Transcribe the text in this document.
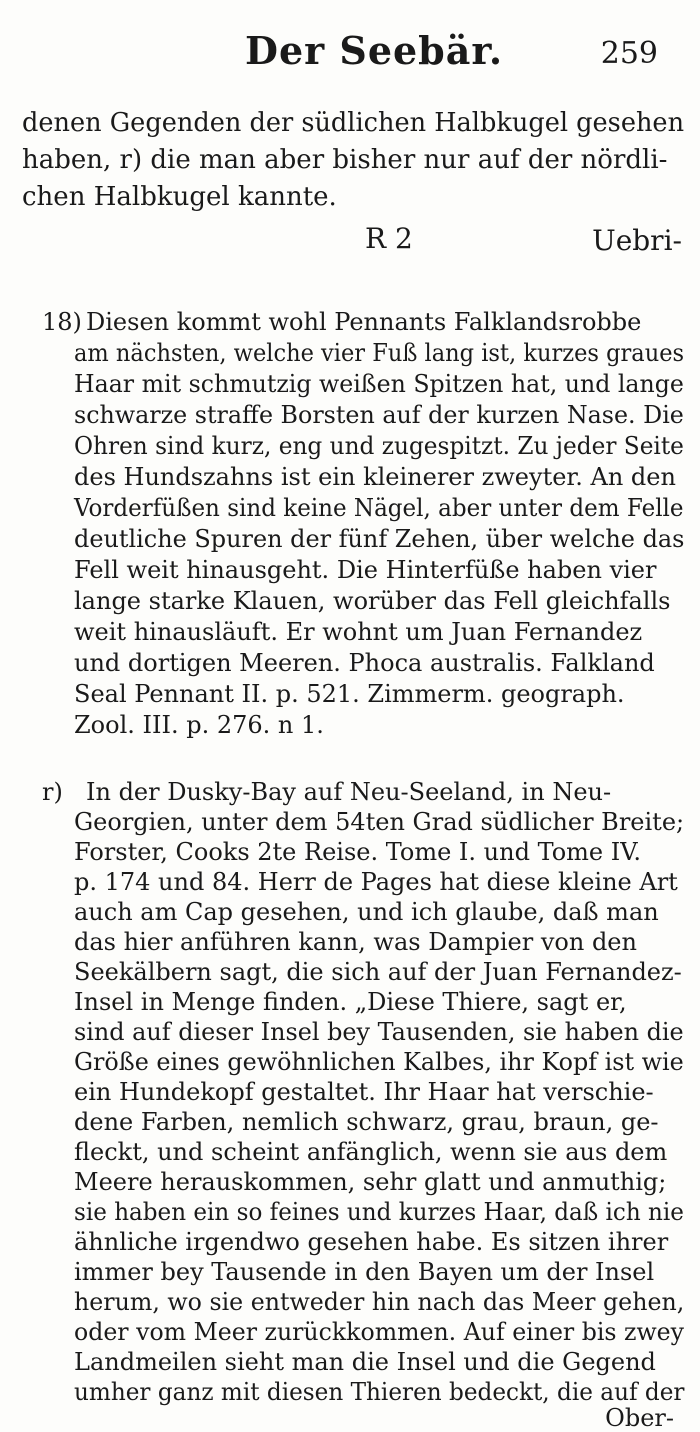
Der Seebär.	259
denen Gegenden der südlichen Halbkugel gesehen
haben, r) die man aber bisher nur auf der nördli-
chen Halbkugel kannte.
R 2	Uebri-
18) Diesen kommt wohl Pennants Falklandsrobbe
am nächsten, welche vier Fuß lang ist, kurzes graues
Haar mit schmutzig weißen Spitzen hat, und lange
schwarze straffe Borsten auf der kurzen Nase. Die
Ohren sind kurz, eng und zugespitzt. Zu jeder Seite
des Hundszahns ist ein kleinerer zweyter. An den
Vorderfüßen sind keine Nägel, aber unter dem Felle
deutliche Spuren der fünf Zehen, über welche das
Fell weit hinausgeht. Die Hinterfüße haben vier
lange starke Klauen, worüber das Fell gleichfalls
weit hinausläuft. Er wohnt um Juan Fernandez
und dortigen Meeren. Phoca australis. Falkland
Seal Pennant II. p. 521. Zimmerm. geograph.
Zool. III. p. 276. n 1.
r) In der Dusky-Bay auf Neu-Seeland, in Neu-
Georgien, unter dem 54ten Grad südlicher Breite;
Forster, Cooks 2te Reise. Tome I. und Tome IV.
p. 174 und 84. Herr de Pages hat diese kleine Art
auch am Cap gesehen, und ich glaube, daß man
das hier anführen kann, was Dampier von den
Seekälbern sagt, die sich auf der Juan Fernandez-
Insel in Menge finden. „Diese Thiere, sagt er,
sind auf dieser Insel bey Tausenden, sie haben die
Größe eines gewöhnlichen Kalbes, ihr Kopf ist wie
ein Hundekopf gestaltet. Ihr Haar hat verschie-
dene Farben, nemlich schwarz, grau, braun, ge-
fleckt, und scheint anfänglich, wenn sie aus dem
Meere herauskommen, sehr glatt und anmuthig;
sie haben ein so feines und kurzes Haar, daß ich nie
ähnliche irgendwo gesehen habe. Es sitzen ihrer
immer bey Tausende in den Bayen um der Insel
herum, wo sie entweder hin nach das Meer gehen,
oder vom Meer zurückkommen. Auf einer bis zwey
Landmeilen sieht man die Insel und die Gegend
umher ganz mit diesen Thieren bedeckt, die auf der
Ober-
